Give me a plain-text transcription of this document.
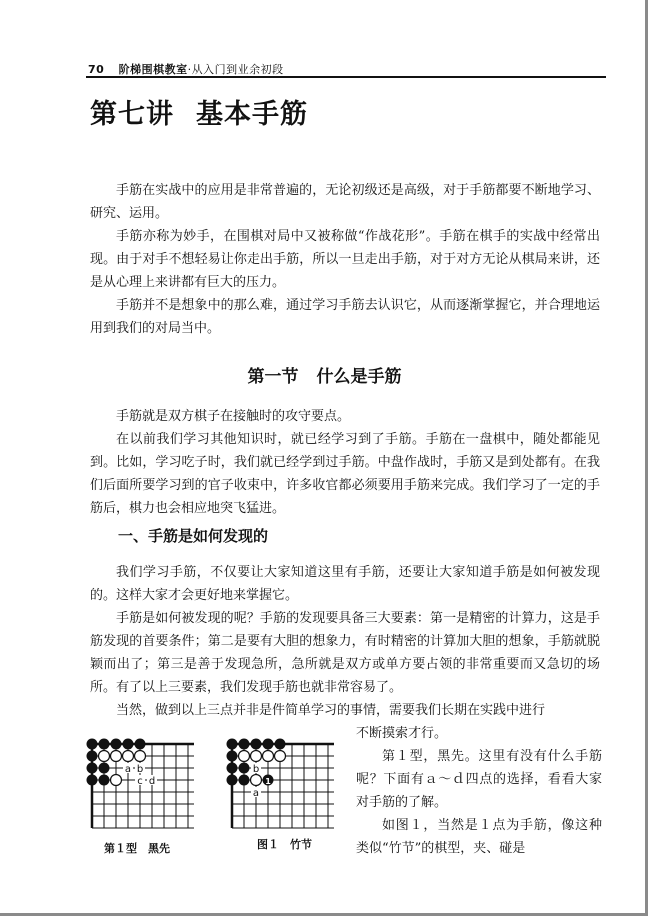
70 阶梯围棋教室·从入门到业余初段
第七讲 基本手筋
手筋在实战中的应用是非常普遍的，无论初级还是高级，对于手筋都要不断地学习、研究、运用。
手筋亦称为妙手，在围棋对局中又被称做“作战花形”。手筋在棋手的实战中经常出现。由于对手不想轻易让你走出手筋，所以一旦走出手筋，对于对方无论从棋局来讲，还是从心理上来讲都有巨大的压力。
手筋并不是想象中的那么难，通过学习手筋去认识它，从而逐渐掌握它，并合理地运用到我们的对局当中。
第一节 什么是手筋
手筋就是双方棋子在接触时的攻守要点。
在以前我们学习其他知识时，就已经学习到了手筋。手筋在一盘棋中，随处都能见到。比如，学习吃子时，我们就已经学到过手筋。中盘作战时，手筋又是到处都有。在我们后面所要学习到的官子收束中，许多收官都必须要用手筋来完成。我们学习了一定的手筋后，棋力也会相应地突飞猛进。
一、手筋是如何发现的
我们学习手筋，不仅要让大家知道这里有手筋，还要让大家知道手筋是如何被发现的。这样大家才会更好地来掌握它。
手筋是如何被发现的呢？手筋的发现要具备三大要素：第一是精密的计算力，这是手筋发现的首要条件；第二是要有大胆的想象力，有时精密的计算加大胆的想象，手筋就脱颖而出了；第三是善于发现急所，急所就是双方或单方要占领的非常重要而又急切的场所。有了以上三要素，我们发现手筋也就非常容易了。
当然，做到以上三点并非是件简单学习的事情，需要我们长期在实践中进行
不断摸索才行。
第１型，黑先。这里有没有什么手筋呢？下面有ａ～ｄ四点的选择，看看大家对手筋的了解。
如图１，当然是１点为手筋，像这种类似“竹节”的棋型，夹、碰是
a b
c d
第１型　黑先
b
1
a
图１　竹节
